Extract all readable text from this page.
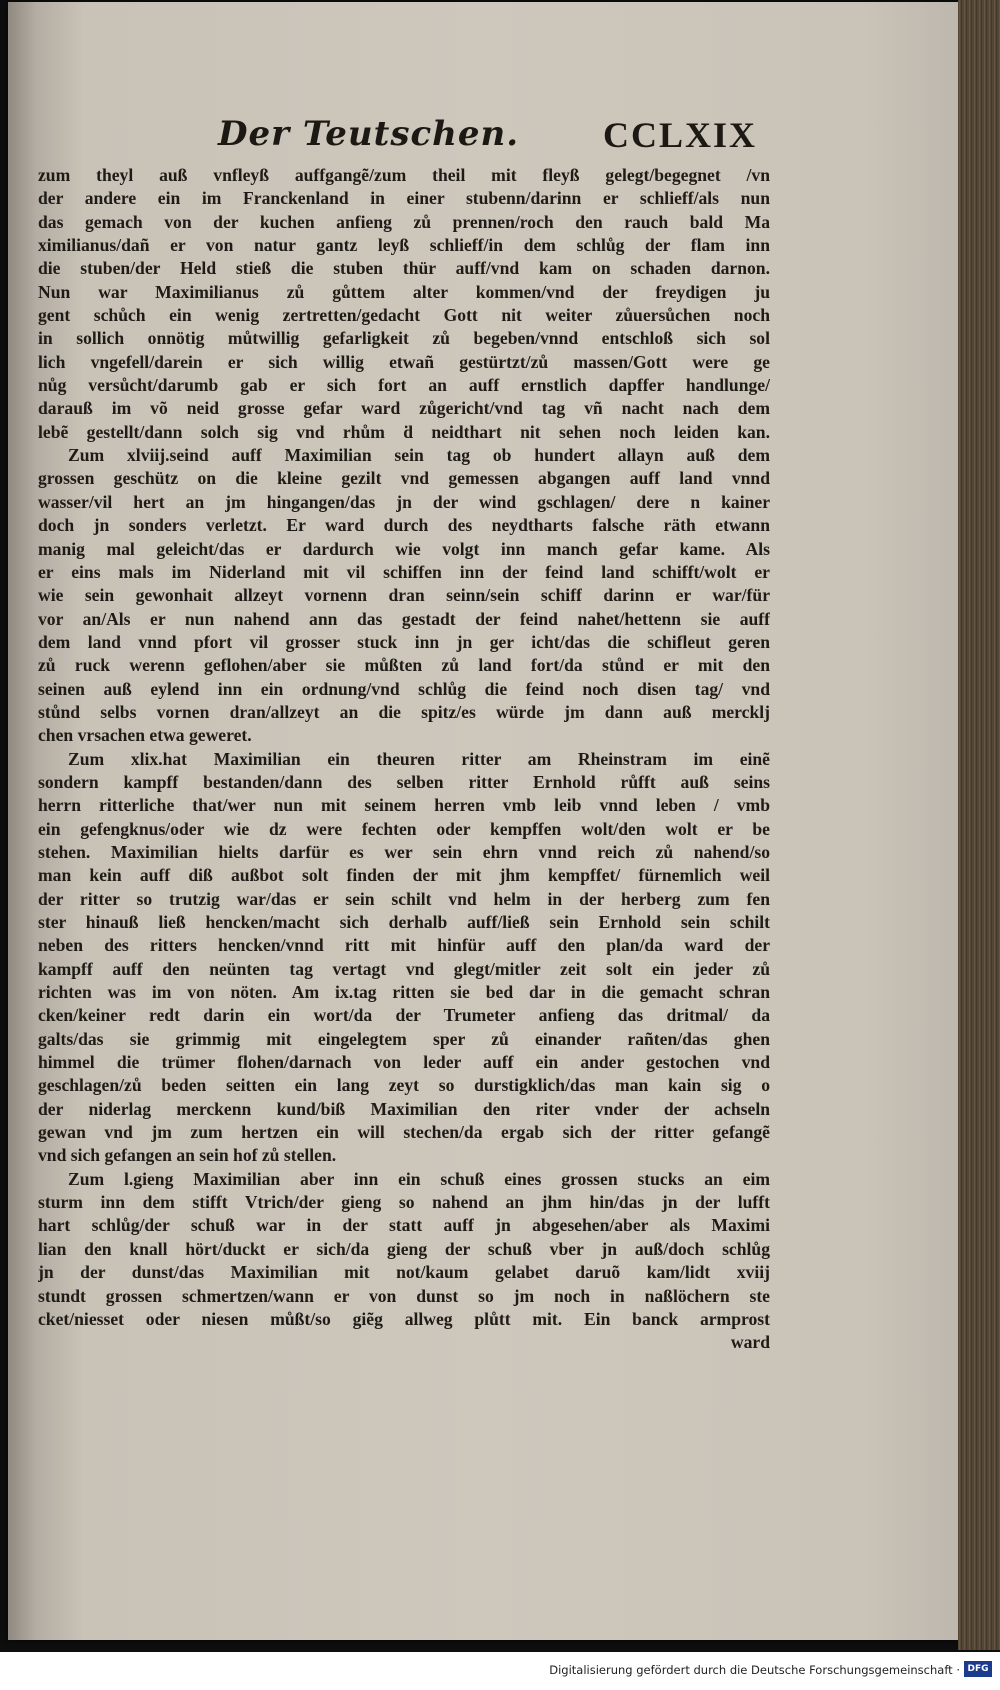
Der Teutschen. CCLXIX
zum theyl auß vnfleyß auffgangẽ/zum theil mit fleyß gelegt/begegnet /vn
der andere ein im Franckenland in einer stubenn/darinn er schlieff/als nun
das gemach von der kuchen anfieng zů prennen/roch den rauch bald Ma
ximilianus/dañ er von natur gantz leyß schlieff/in dem schlůg der flam inn
die stuben/der Held stieß die stuben thür auff/vnd kam on schaden darnon.
Nun war Maximilianus zů gůttem alter kommen/vnd der freydigen ju
gent schůch ein wenig zertretten/gedacht Gott nit weiter zůuersůchen noch
in sollich onnötig můtwillig gefarligkeit zů begeben/vnnd entschloß sich sol
lich vngefell/darein er sich willig etwañ gestürtzt/zů massen/Gott were ge
nůg versůcht/darumb gab er sich fort an auff ernstlich dapffer handlunge/
darauß im võ neid grosse gefar ward zůgericht/vnd tag vñ nacht nach dem
lebẽ gestellt/dann solch sig vnd rhům ḋ neidthart nit sehen noch leiden kan.
Zum xlviij.seind auff Maximilian sein tag ob hundert allayn auß dem
grossen geschütz on die kleine gezilt vnd gemessen abgangen auff land vnnd
wasser/vil hert an jm hingangen/das jn der wind gschlagen/ dere n kainer
doch jn sonders verletzt. Er ward durch des neydtharts falsche räth etwann
manig mal geleicht/das er dardurch wie volgt inn manch gefar kame. Als
er eins mals im Niderland mit vil schiffen inn der feind land schifft/wolt er
wie sein gewonhait allzeyt vornenn dran seinn/sein schiff darinn er war/für
vor an/Als er nun nahend ann das gestadt der feind nahet/hettenn sie auff
dem land vnnd pfort vil grosser stuck inn jn ger icht/das die schifleut geren
zů ruck werenn geflohen/aber sie můßten zů land fort/da stůnd er mit den
seinen auß eylend inn ein ordnung/vnd schlůg die feind noch disen tag/ vnd
stůnd selbs vornen dran/allzeyt an die spitz/es würde jm dann auß mercklj
chen vrsachen etwa geweret.
Zum xlix.hat Maximilian ein theuren ritter am Rheinstram im einẽ
sondern kampff bestanden/dann des selben ritter Ernhold růfft auß seins
herrn ritterliche that/wer nun mit seinem herren vmb leib vnnd leben / vmb
ein gefengknus/oder wie dz were fechten oder kempffen wolt/den wolt er be
stehen. Maximilian hielts darfür es wer sein ehrn vnnd reich zů nahend/so
man kein auff diß außbot solt finden der mit jhm kempffet/ fürnemlich weil
der ritter so trutzig war/das er sein schilt vnd helm in der herberg zum fen
ster hinauß ließ hencken/macht sich derhalb auff/ließ sein Ernhold sein schilt
neben des ritters hencken/vnnd ritt mit hinfür auff den plan/da ward der
kampff auff den neünten tag vertagt vnd glegt/mitler zeit solt ein jeder zů
richten was im von nöten. Am ix.tag ritten sie bed dar in die gemacht schran
cken/keiner redt darin ein wort/da der Trumeter anfieng das dritmal/ da
galts/das sie grimmig mit eingelegtem sper zů einander rañten/das ghen
himmel die trümer flohen/darnach von leder auff ein ander gestochen vnd
geschlagen/zů beden seitten ein lang zeyt so durstigklich/das man kain sig o
der niderlag merckenn kund/biß Maximilian den riter vnder der achseln
gewan vnd jm zum hertzen ein will stechen/da ergab sich der ritter gefangẽ
vnd sich gefangen an sein hof zů stellen.
Zum l.gieng Maximilian aber inn ein schuß eines grossen stucks an eim
sturm inn dem stifft Vtrich/der gieng so nahend an jhm hin/das jn der lufft
hart schlůg/der schuß war in der statt auff jn abgesehen/aber als Maximi
lian den knall hört/duckt er sich/da gieng der schuß vber jn auß/doch schlůg
jn der dunst/das Maximilian mit not/kaum gelabet daruõ kam/lidt xviij
stundt grossen schmertzen/wann er von dunst so jm noch in naßlöchern ste
cket/niesset oder niesen můßt/so giẽg allweg plůtt mit. Ein banck armprost
ward
Digitalisierung gefördert durch die Deutsche Forschungsgemeinschaft · DFG
